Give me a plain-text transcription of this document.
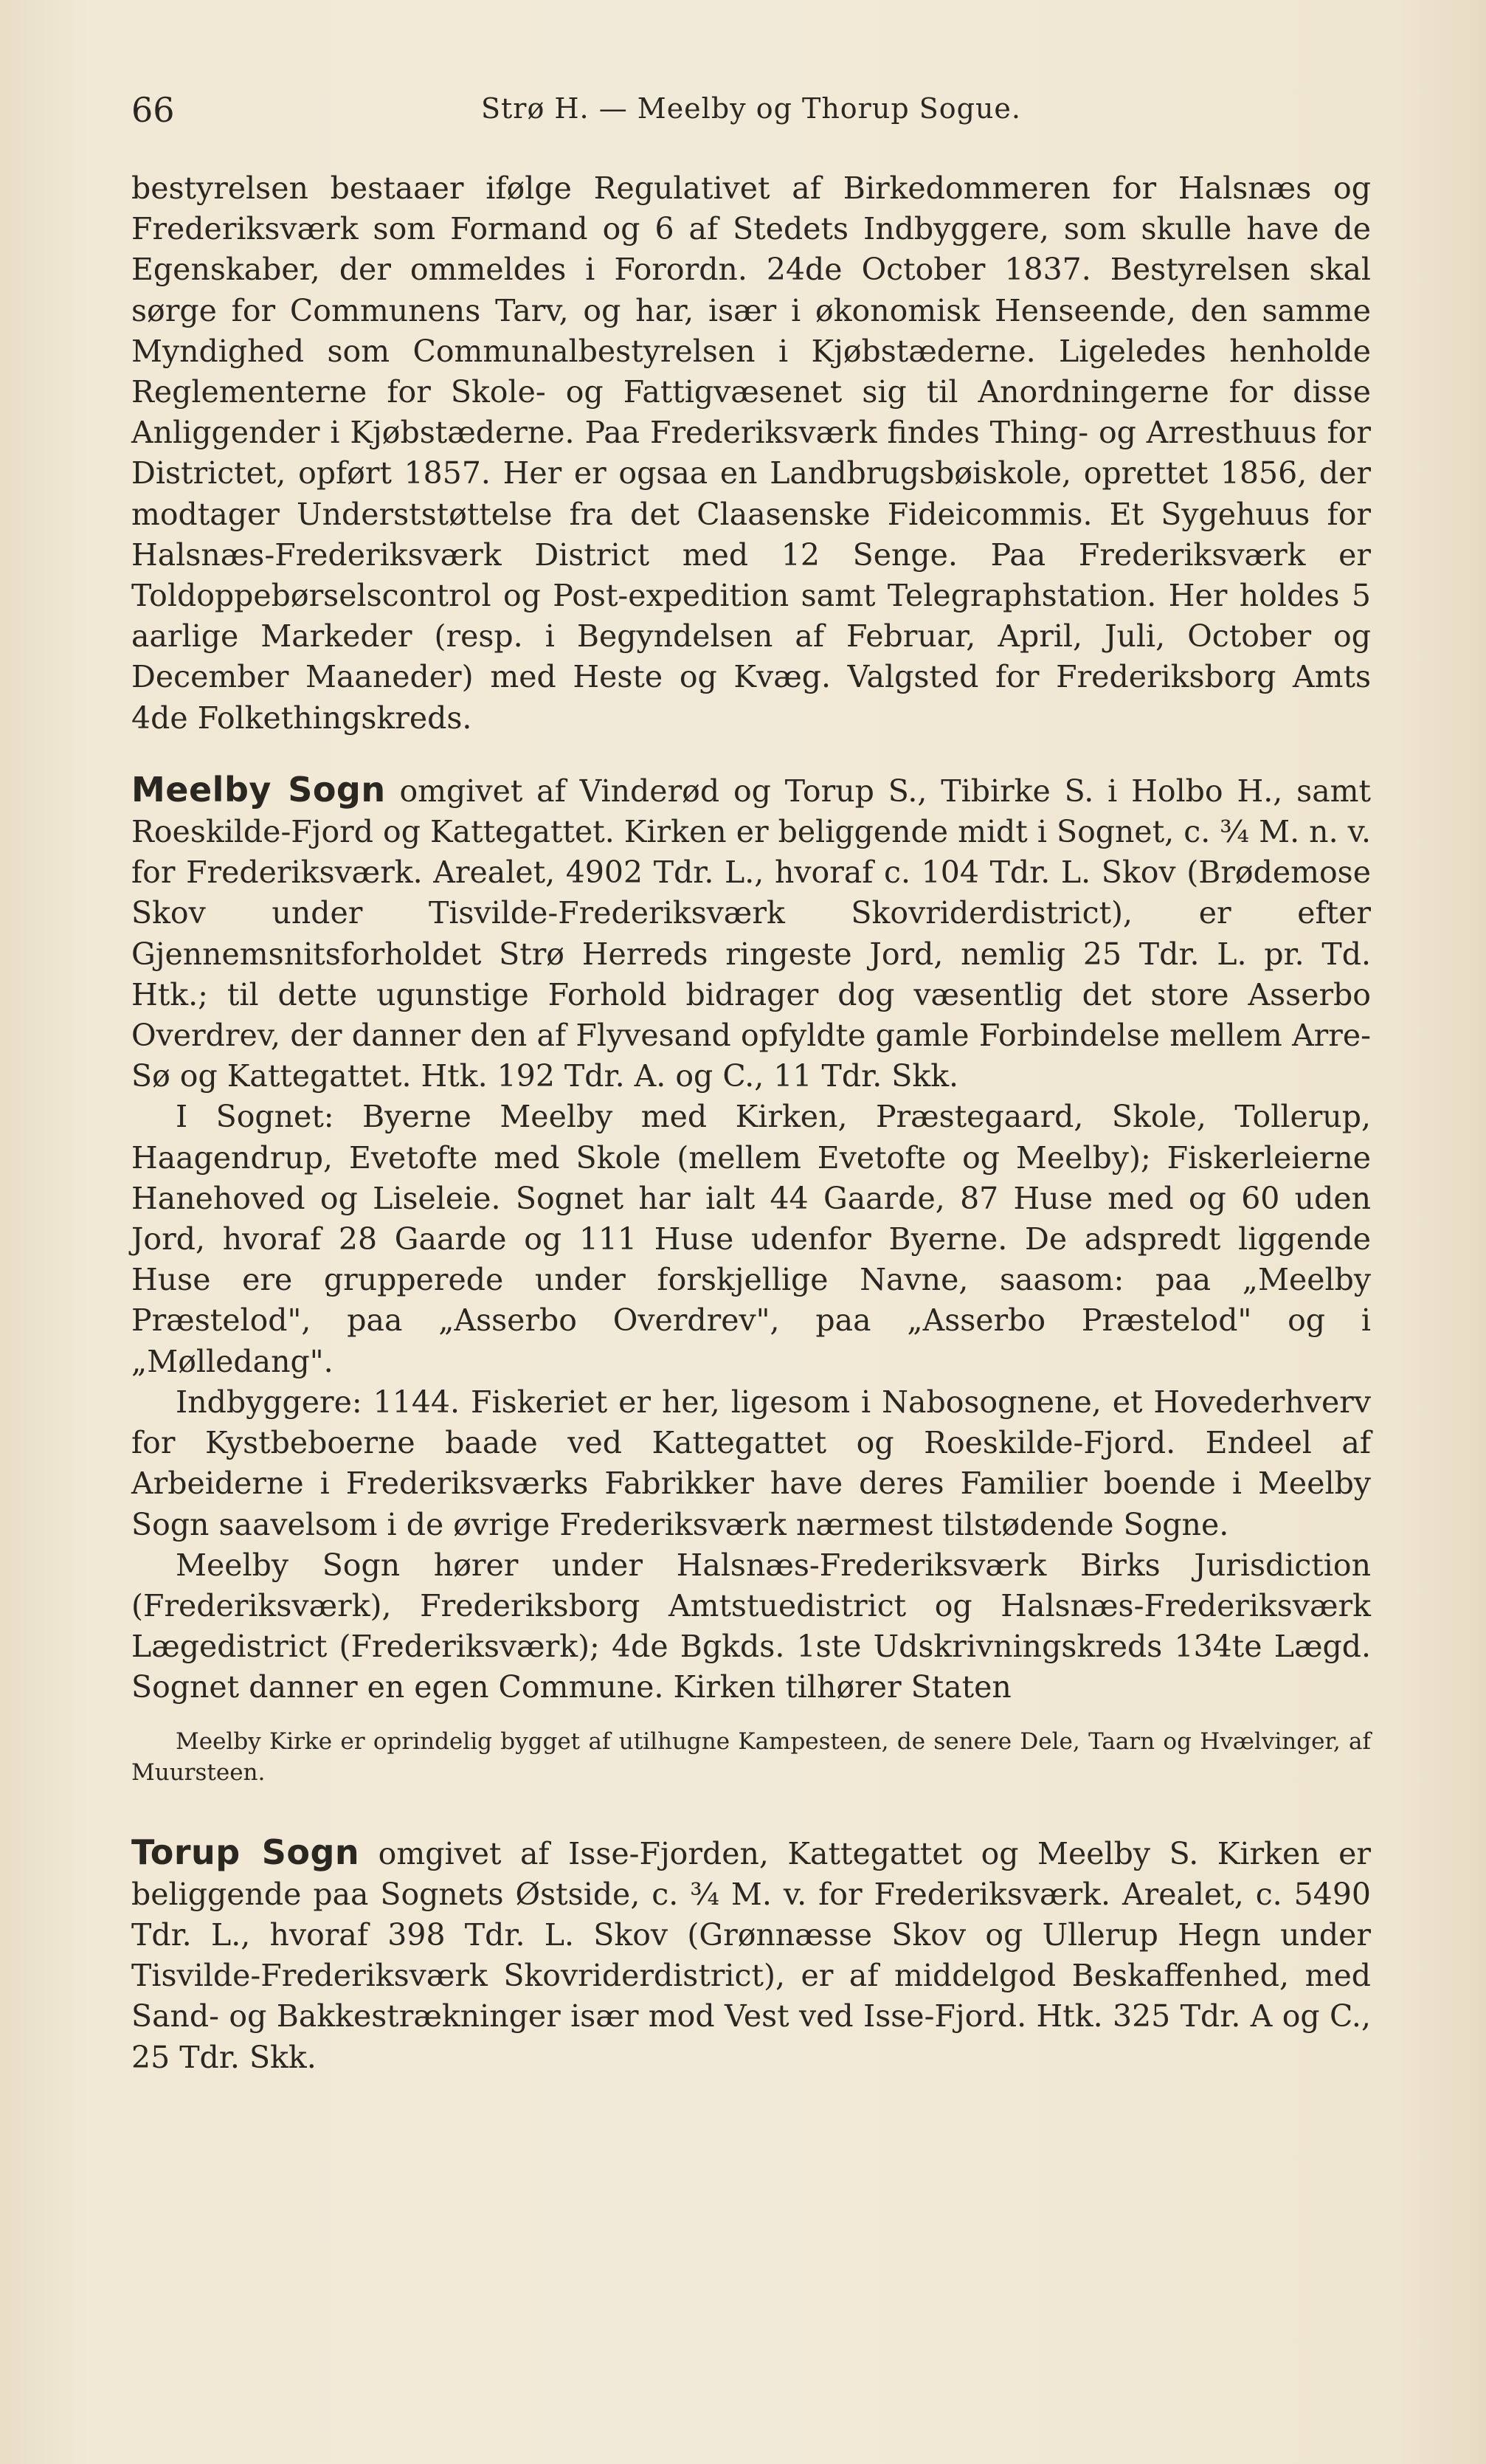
66	Strø H. — Meelby og Thorup Sogue.

bestyrelsen bestaaer ifølge Regulativet af Birkedommeren for Halsnæs og Frederiksværk som Formand og 6 af Stedets Indbyggere, som skulle have de Egenskaber, der ommeldes i Forordn. 24de October 1837. Bestyrelsen skal sørge for Communens Tarv, og har, især i økonomisk Henseende, den samme Myndighed som Communalbestyrelsen i Kjøbstæderne. Ligeledes henholde Reglementerne for Skole- og Fattigvæsenet sig til Anordningerne for disse Anliggender i Kjøbstæderne. Paa Frederiksværk findes Thing- og Arresthuus for Districtet, opført 1857. Her er ogsaa en Landbrugsbøiskole, oprettet 1856, der modtager Underststøttelse fra det Claasenske Fideicommis. Et Sygehuus for Halsnæs-Frederiksværk District med 12 Senge. Paa Frederiksværk er Toldoppebørselscontrol og Post-expedition samt Telegraphstation. Her holdes 5 aarlige Markeder (resp. i Begyndelsen af Februar, April, Juli, October og December Maaneder) med Heste og Kvæg. Valgsted for Frederiksborg Amts 4de Folkethingskreds.

Meelby Sogn omgivet af Vinderød og Torup S., Tibirke S. i Holbo H., samt Roeskilde-Fjord og Kattegattet. Kirken er beliggende midt i Sognet, c. ¾ M. n. v. for Frederiksværk. Arealet, 4902 Tdr. L., hvoraf c. 104 Tdr. L. Skov (Brødemose Skov under Tisvilde-Frederiksværk Skovriderdistrict), er efter Gjennemsnitsforholdet Strø Herreds ringeste Jord, nemlig 25 Tdr. L. pr. Td. Htk.; til dette ugunstige Forhold bidrager dog væsentlig det store Asserbo Overdrev, der danner den af Flyvesand opfyldte gamle Forbindelse mellem Arre-Sø og Kattegattet. Htk. 192 Tdr. A. og C., 11 Tdr. Skk.

I Sognet: Byerne Meelby med Kirken, Præstegaard, Skole, Tollerup, Haagendrup, Evetofte med Skole (mellem Evetofte og Meelby); Fiskerleierne Hanehoved og Liseleie. Sognet har ialt 44 Gaarde, 87 Huse med og 60 uden Jord, hvoraf 28 Gaarde og 111 Huse udenfor Byerne. De adspredt liggende Huse ere grupperede under forskjellige Navne, saasom: paa „Meelby Præstelod", paa „Asserbo Overdrev", paa „Asserbo Præstelod" og i „Mølledang".

Indbyggere: 1144. Fiskeriet er her, ligesom i Nabosognene, et Hovederhverv for Kystbeboerne baade ved Kattegattet og Roeskilde-Fjord. Endeel af Arbeiderne i Frederiksværks Fabrikker have deres Familier boende i Meelby Sogn saavelsom i de øvrige Frederiksværk nærmest tilstødende Sogne.

Meelby Sogn hører under Halsnæs-Frederiksværk Birks Jurisdiction (Frederiksværk), Frederiksborg Amtstuedistrict og Halsnæs-Frederiksværk Lægedistrict (Frederiksværk); 4de Bgkds. 1ste Udskrivningskreds 134te Lægd. Sognet danner en egen Commune. Kirken tilhører Staten

Meelby Kirke er oprindelig bygget af utilhugne Kampesteen, de senere Dele, Taarn og Hvælvinger, af Muursteen.

Torup Sogn omgivet af Isse-Fjorden, Kattegattet og Meelby S. Kirken er beliggende paa Sognets Østside, c. ¾ M. v. for Frederiksværk. Arealet, c. 5490 Tdr. L., hvoraf 398 Tdr. L. Skov (Grønnæsse Skov og Ullerup Hegn under Tisvilde-Frederiksværk Skovriderdistrict), er af middelgod Beskaffenhed, med Sand- og Bakkestrækninger især mod Vest ved Isse-Fjord. Htk. 325 Tdr. A og C., 25 Tdr. Skk.
